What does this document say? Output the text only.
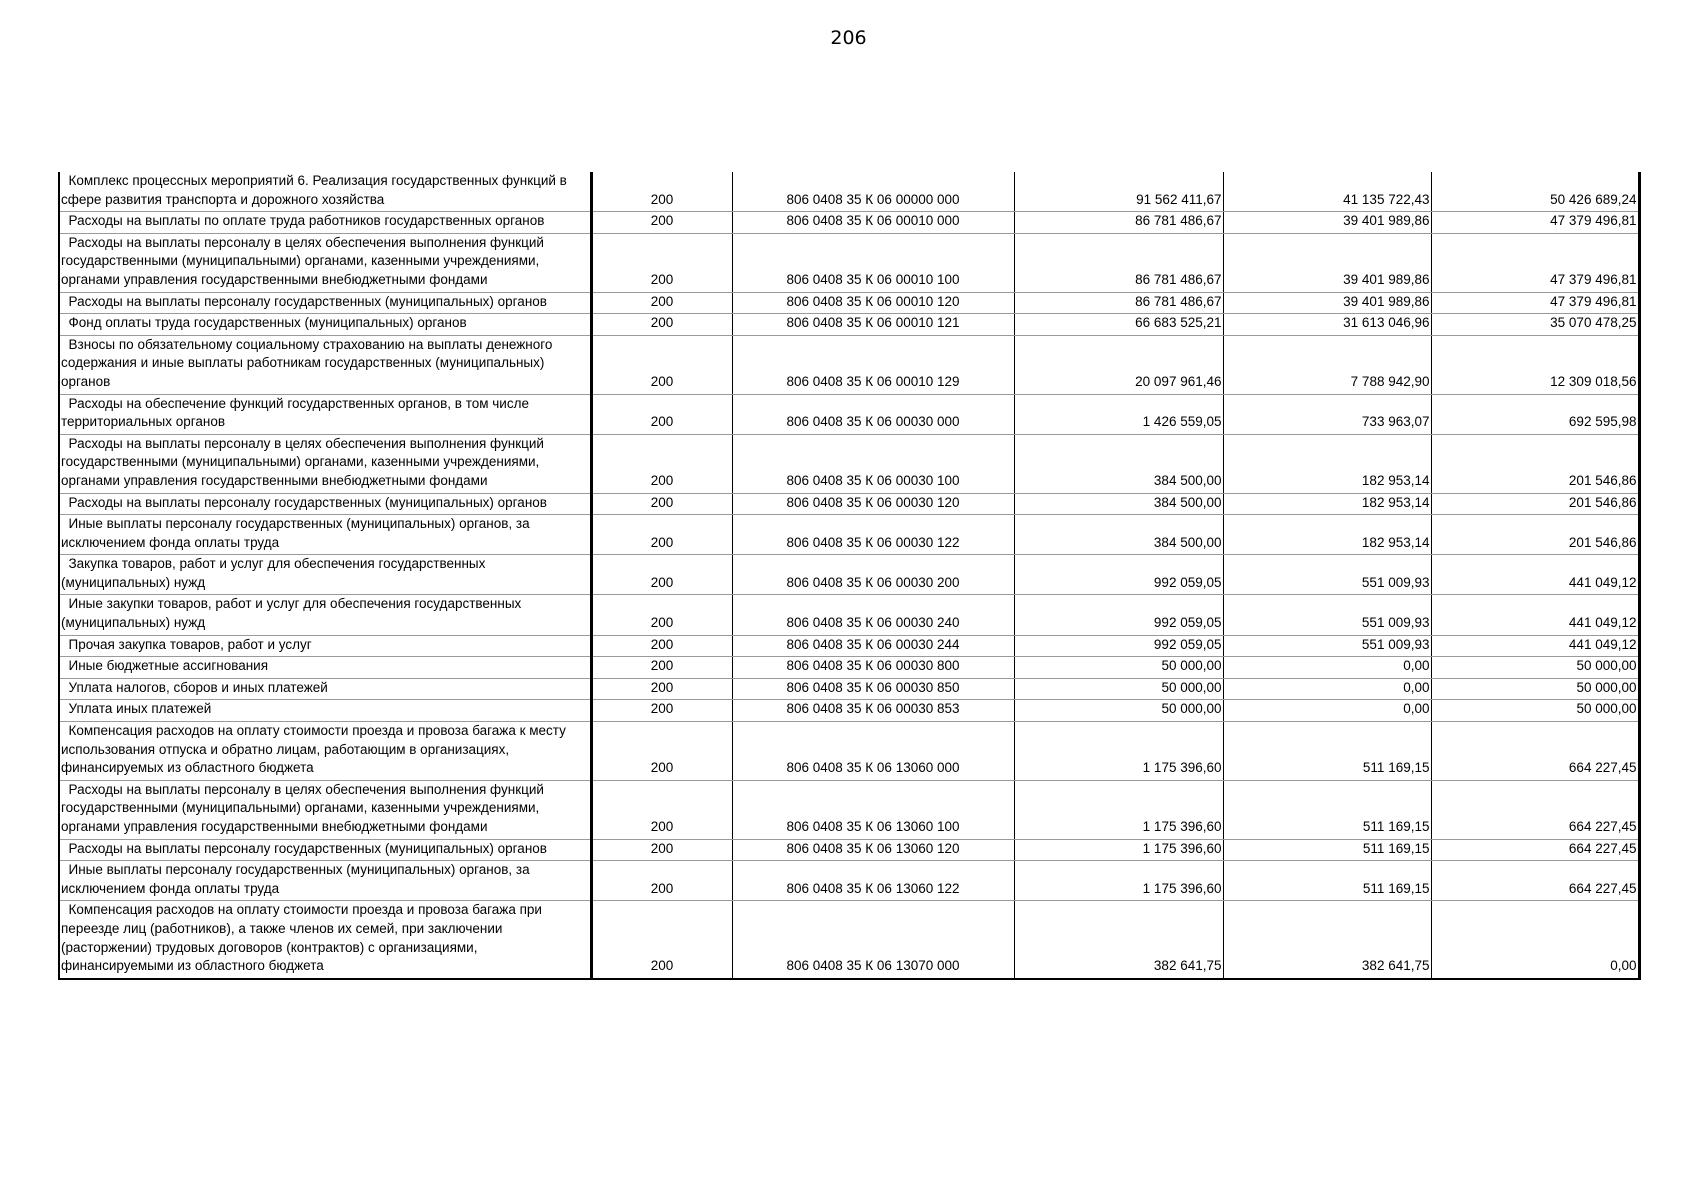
206
Комплекс процессных мероприятий 6. Реализация государственных функций в сфере развития транспорта и дорожного хозяйства	200	806 0408 35 К 06 00000 000	91 562 411,67	41 135 722,43	50 426 689,24

Расходы на выплаты по оплате труда работников государственных органов	200	806 0408 35 К 06 00010 000	86 781 486,67	39 401 989,86	47 379 496,81

Расходы на выплаты персоналу в целях обеспечения выполнения функций государственными (муниципальными) органами, казенными учреждениями, органами управления государственными внебюджетными фондами	200	806 0408 35 К 06 00010 100	86 781 486,67	39 401 989,86	47 379 496,81

Расходы на выплаты персоналу государственных (муниципальных) органов	200	806 0408 35 К 06 00010 120	86 781 486,67	39 401 989,86	47 379 496,81

Фонд оплаты труда государственных (муниципальных) органов	200	806 0408 35 К 06 00010 121	66 683 525,21	31 613 046,96	35 070 478,25

Взносы по обязательному социальному страхованию на выплаты денежного содержания и иные выплаты работникам государственных (муниципальных) органов	200	806 0408 35 К 06 00010 129	20 097 961,46	7 788 942,90	12 309 018,56

Расходы на обеспечение функций государственных органов, в том числе территориальных органов	200	806 0408 35 К 06 00030 000	1 426 559,05	733 963,07	692 595,98

Расходы на выплаты персоналу в целях обеспечения выполнения функций государственными (муниципальными) органами, казенными учреждениями, органами управления государственными внебюджетными фондами	200	806 0408 35 К 06 00030 100	384 500,00	182 953,14	201 546,86

Расходы на выплаты персоналу государственных (муниципальных) органов	200	806 0408 35 К 06 00030 120	384 500,00	182 953,14	201 546,86

Иные выплаты персоналу государственных (муниципальных) органов, за исключением фонда оплаты труда	200	806 0408 35 К 06 00030 122	384 500,00	182 953,14	201 546,86

Закупка товаров, работ и услуг для обеспечения государственных (муниципальных) нужд	200	806 0408 35 К 06 00030 200	992 059,05	551 009,93	441 049,12

Иные закупки товаров, работ и услуг для обеспечения государственных (муниципальных) нужд	200	806 0408 35 К 06 00030 240	992 059,05	551 009,93	441 049,12

Прочая закупка товаров, работ и услуг	200	806 0408 35 К 06 00030 244	992 059,05	551 009,93	441 049,12

Иные бюджетные ассигнования	200	806 0408 35 К 06 00030 800	50 000,00	0,00	50 000,00

Уплата налогов, сборов и иных платежей	200	806 0408 35 К 06 00030 850	50 000,00	0,00	50 000,00

Уплата иных платежей	200	806 0408 35 К 06 00030 853	50 000,00	0,00	50 000,00

Компенсация расходов на оплату стоимости проезда и провоза багажа к месту использования отпуска и обратно лицам, работающим в организациях, финансируемых из областного бюджета	200	806 0408 35 К 06 13060 000	1 175 396,60	511 169,15	664 227,45

Расходы на выплаты персоналу в целях обеспечения выполнения функций государственными (муниципальными) органами, казенными учреждениями, органами управления государственными внебюджетными фондами	200	806 0408 35 К 06 13060 100	1 175 396,60	511 169,15	664 227,45

Расходы на выплаты персоналу государственных (муниципальных) органов	200	806 0408 35 К 06 13060 120	1 175 396,60	511 169,15	664 227,45

Иные выплаты персоналу государственных (муниципальных) органов, за исключением фонда оплаты труда	200	806 0408 35 К 06 13060 122	1 175 396,60	511 169,15	664 227,45

Компенсация расходов на оплату стоимости проезда и провоза багажа при переезде лиц (работников), а также членов их семей, при заключении (расторжении) трудовых договоров (контрактов) с организациями, финансируемыми из областного бюджета	200	806 0408 35 К 06 13070 000	382 641,75	382 641,75	0,00
